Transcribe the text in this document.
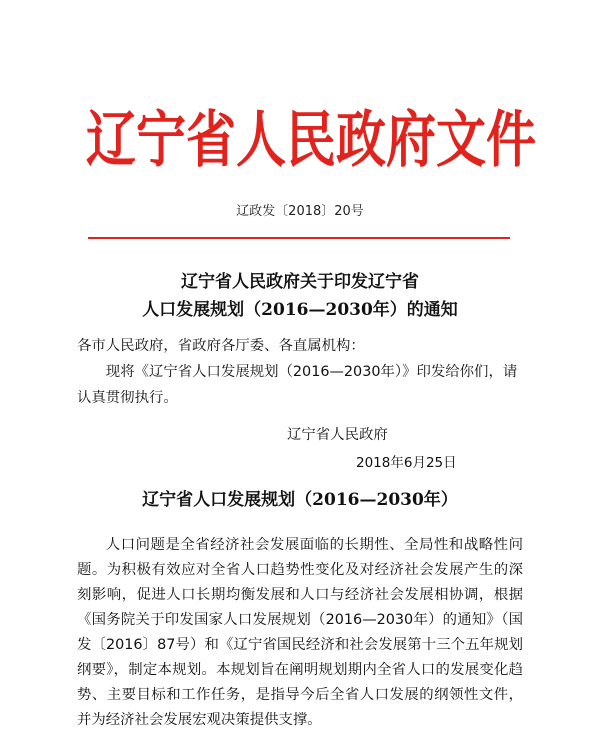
辽 宁 省 人 民 政 府 文 件
辽政发〔2018〕20号
辽宁省人民政府关于印发辽宁省
人口发展规划（2016—2030年）的通知
各市人民政府，省政府各厅委、各直属机构：
现将《辽宁省人口发展规划（2016—2030年）》印发给你们，请认真贯彻执行。
辽宁省人民政府
2018年6月25日
辽宁省人口发展规划（2016—2030年）
人口问题是全省经济社会发展面临的长期性、全局性和战略性问题。为积极有效应对全省人口趋势性变化及对经济社会发展产生的深刻影响，促进人口长期均衡发展和人口与经济社会发展相协调，根据《国务院关于印发国家人口发展规划（2016—2030年）的通知》（国发〔2016〕87号）和《辽宁省国民经济和社会发展第十三个五年规划纲要》，制定本规划。本规划旨在阐明规划期内全省人口的发展变化趋势、主要目标和工作任务，是指导今后全省人口发展的纲领性文件，并为经济社会发展宏观决策提供支撑。
